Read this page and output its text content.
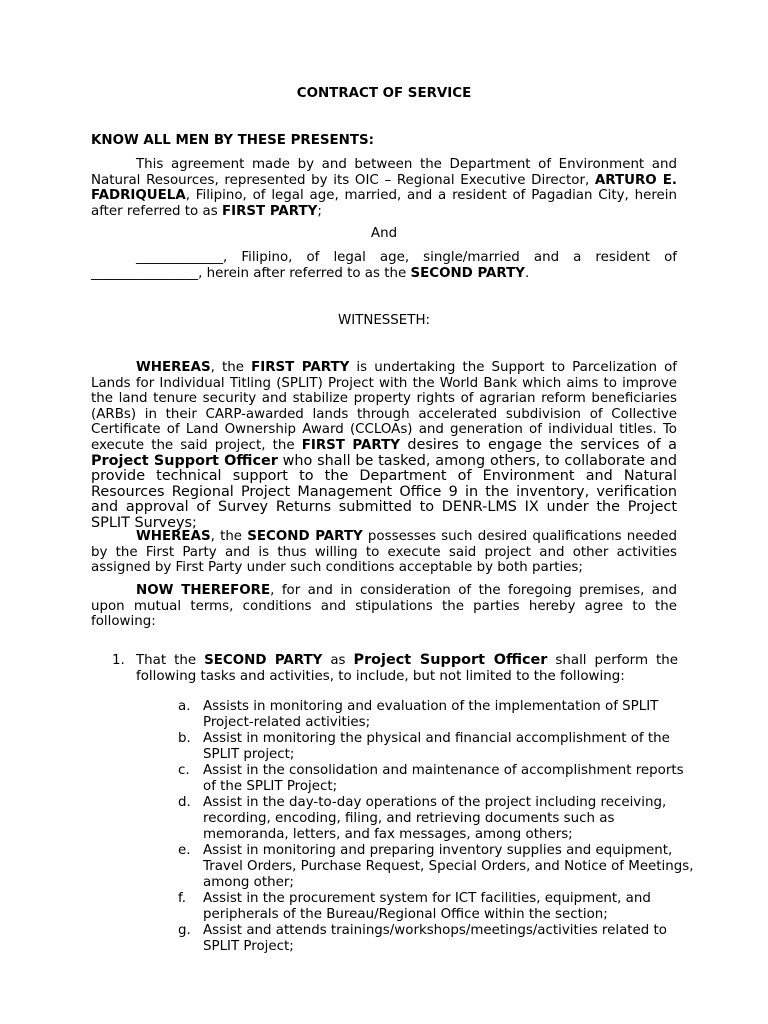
CONTRACT OF SERVICE

KNOW ALL MEN BY THESE PRESENTS:

This agreement made by and between the Department of Environment and Natural Resources, represented by its OIC – Regional Executive Director, ARTURO E. FADRIQUELA, Filipino, of legal age, married, and a resident of Pagadian City, herein after referred to as FIRST PARTY;

And

_____________, Filipino, of legal age, single/married and a resident of ________________, herein after referred to as the SECOND PARTY.

WITNESSETH:

WHEREAS, the FIRST PARTY is undertaking the Support to Parcelization of Lands for Individual Titling (SPLIT) Project with the World Bank which aims to improve the land tenure security and stabilize property rights of agrarian reform beneficiaries (ARBs) in their CARP-awarded lands through accelerated subdivision of Collective Certificate of Land Ownership Award (CCLOAs) and generation of individual titles. To execute the said project, the FIRST PARTY desires to engage the services of a Project Support Officer who shall be tasked, among others, to collaborate and provide technical support to the Department of Environment and Natural Resources Regional Project Management Office 9 in the inventory, verification and approval of Survey Returns submitted to DENR-LMS IX under the Project SPLIT Surveys;

WHEREAS, the SECOND PARTY possesses such desired qualifications needed by the First Party and is thus willing to execute said project and other activities assigned by First Party under such conditions acceptable by both parties;

NOW THEREFORE, for and in consideration of the foregoing premises, and upon mutual terms, conditions and stipulations the parties hereby agree to the following:

1. That the SECOND PARTY as Project Support Officer shall perform the following tasks and activities, to include, but not limited to the following:
a. Assists in monitoring and evaluation of the implementation of SPLIT Project-related activities;
b. Assist in monitoring the physical and financial accomplishment of the SPLIT project;
c. Assist in the consolidation and maintenance of accomplishment reports of the SPLIT Project;
d. Assist in the day-to-day operations of the project including receiving, recording, encoding, filing, and retrieving documents such as memoranda, letters, and fax messages, among others;
e. Assist in monitoring and preparing inventory supplies and equipment, Travel Orders, Purchase Request, Special Orders, and Notice of Meetings, among other;
f.	Assist in the procurement system for ICT facilities, equipment, and peripherals of the Bureau/Regional Office within the section;
g. Assist and attends trainings/workshops/meetings/activities related to SPLIT Project;
